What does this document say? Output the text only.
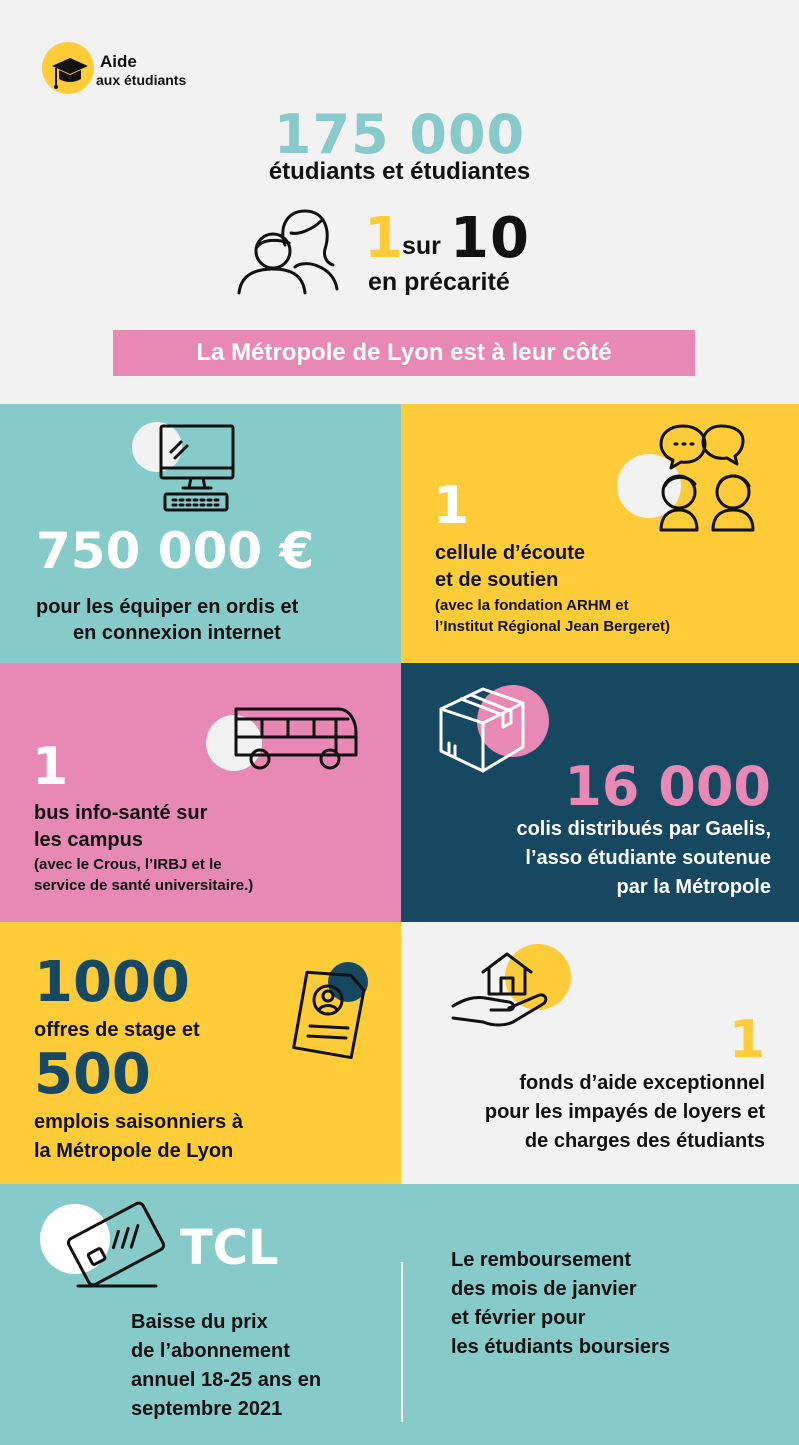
Aide
aux étudiants
175 000
étudiants et étudiantes
1
sur 10
en précarité
La Métropole de Lyon est à leur côté
750 000 €
pour les équiper en ordis et
en connexion internet
1
cellule d’écoute
et de soutien
(avec la fondation ARHM et
l’Institut Régional Jean Bergeret)
1
bus info-santé sur
les campus
(avec le Crous, l’IRBJ et le
service de santé universitaire.)
16 000
colis distribués par Gaelis,
l’asso étudiante soutenue
par la Métropole
1000
offres de stage et
500
emplois saisonniers à
la Métropole de Lyon
1
fonds d’aide exceptionnel
pour les impayés de loyers et
de charges des étudiants
TCL
Baisse du prix
de l’abonnement
annuel 18-25 ans en
septembre 2021
Le remboursement
des mois de janvier
et février pour
les étudiants boursiers
